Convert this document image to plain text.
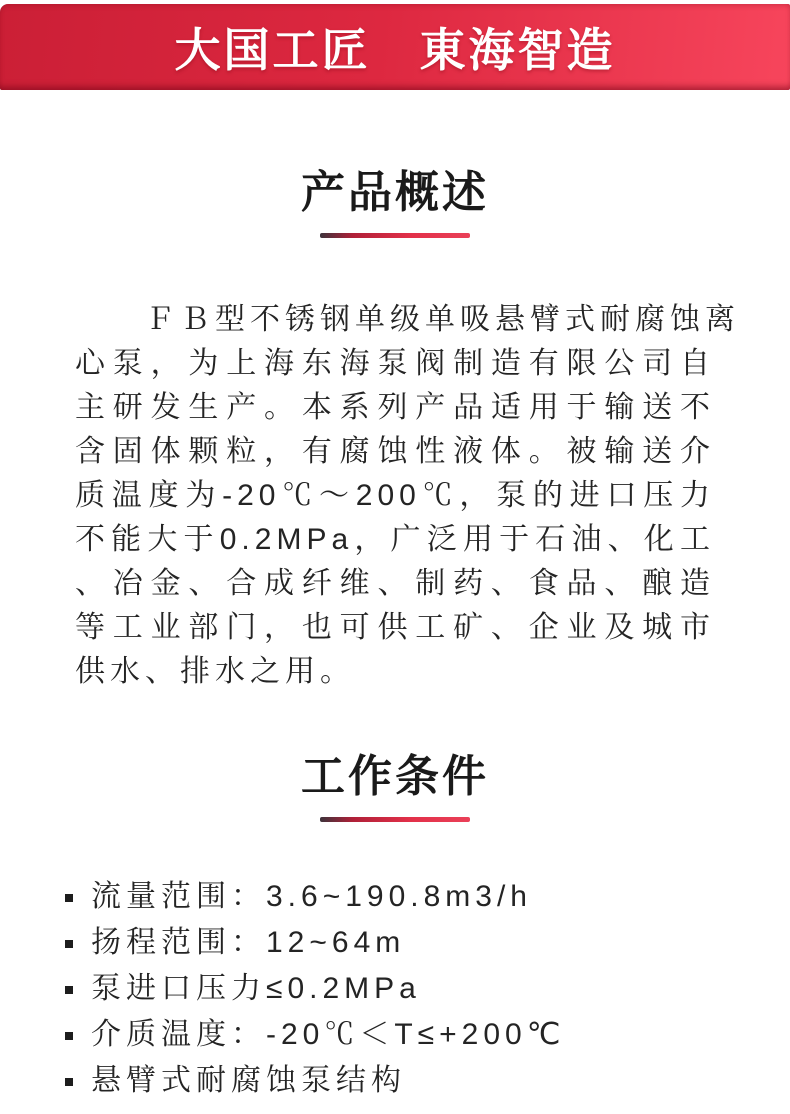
大国工匠　東海智造
产品概述
　　ＦＢ型不锈钢单级单吸悬臂式耐腐蚀离
心泵，为上海东海泵阀制造有限公司自
主研发生产。本系列产品适用于输送不
含固体颗粒，有腐蚀性液体。被输送介
质温度为-20℃～200℃，泵的进口压力
不能大于0.2MPa，广泛用于石油、化工
、冶金、合成纤维、制药、食品、酿造
等工业部门，也可供工矿、企业及城市
供水、排水之用。
工作条件
流量范围：3.6~190.8m3/h
扬程范围：12~64m
泵进口压力≤0.2MPa
介质温度：-20℃＜T≤+200℃
悬臂式耐腐蚀泵结构
